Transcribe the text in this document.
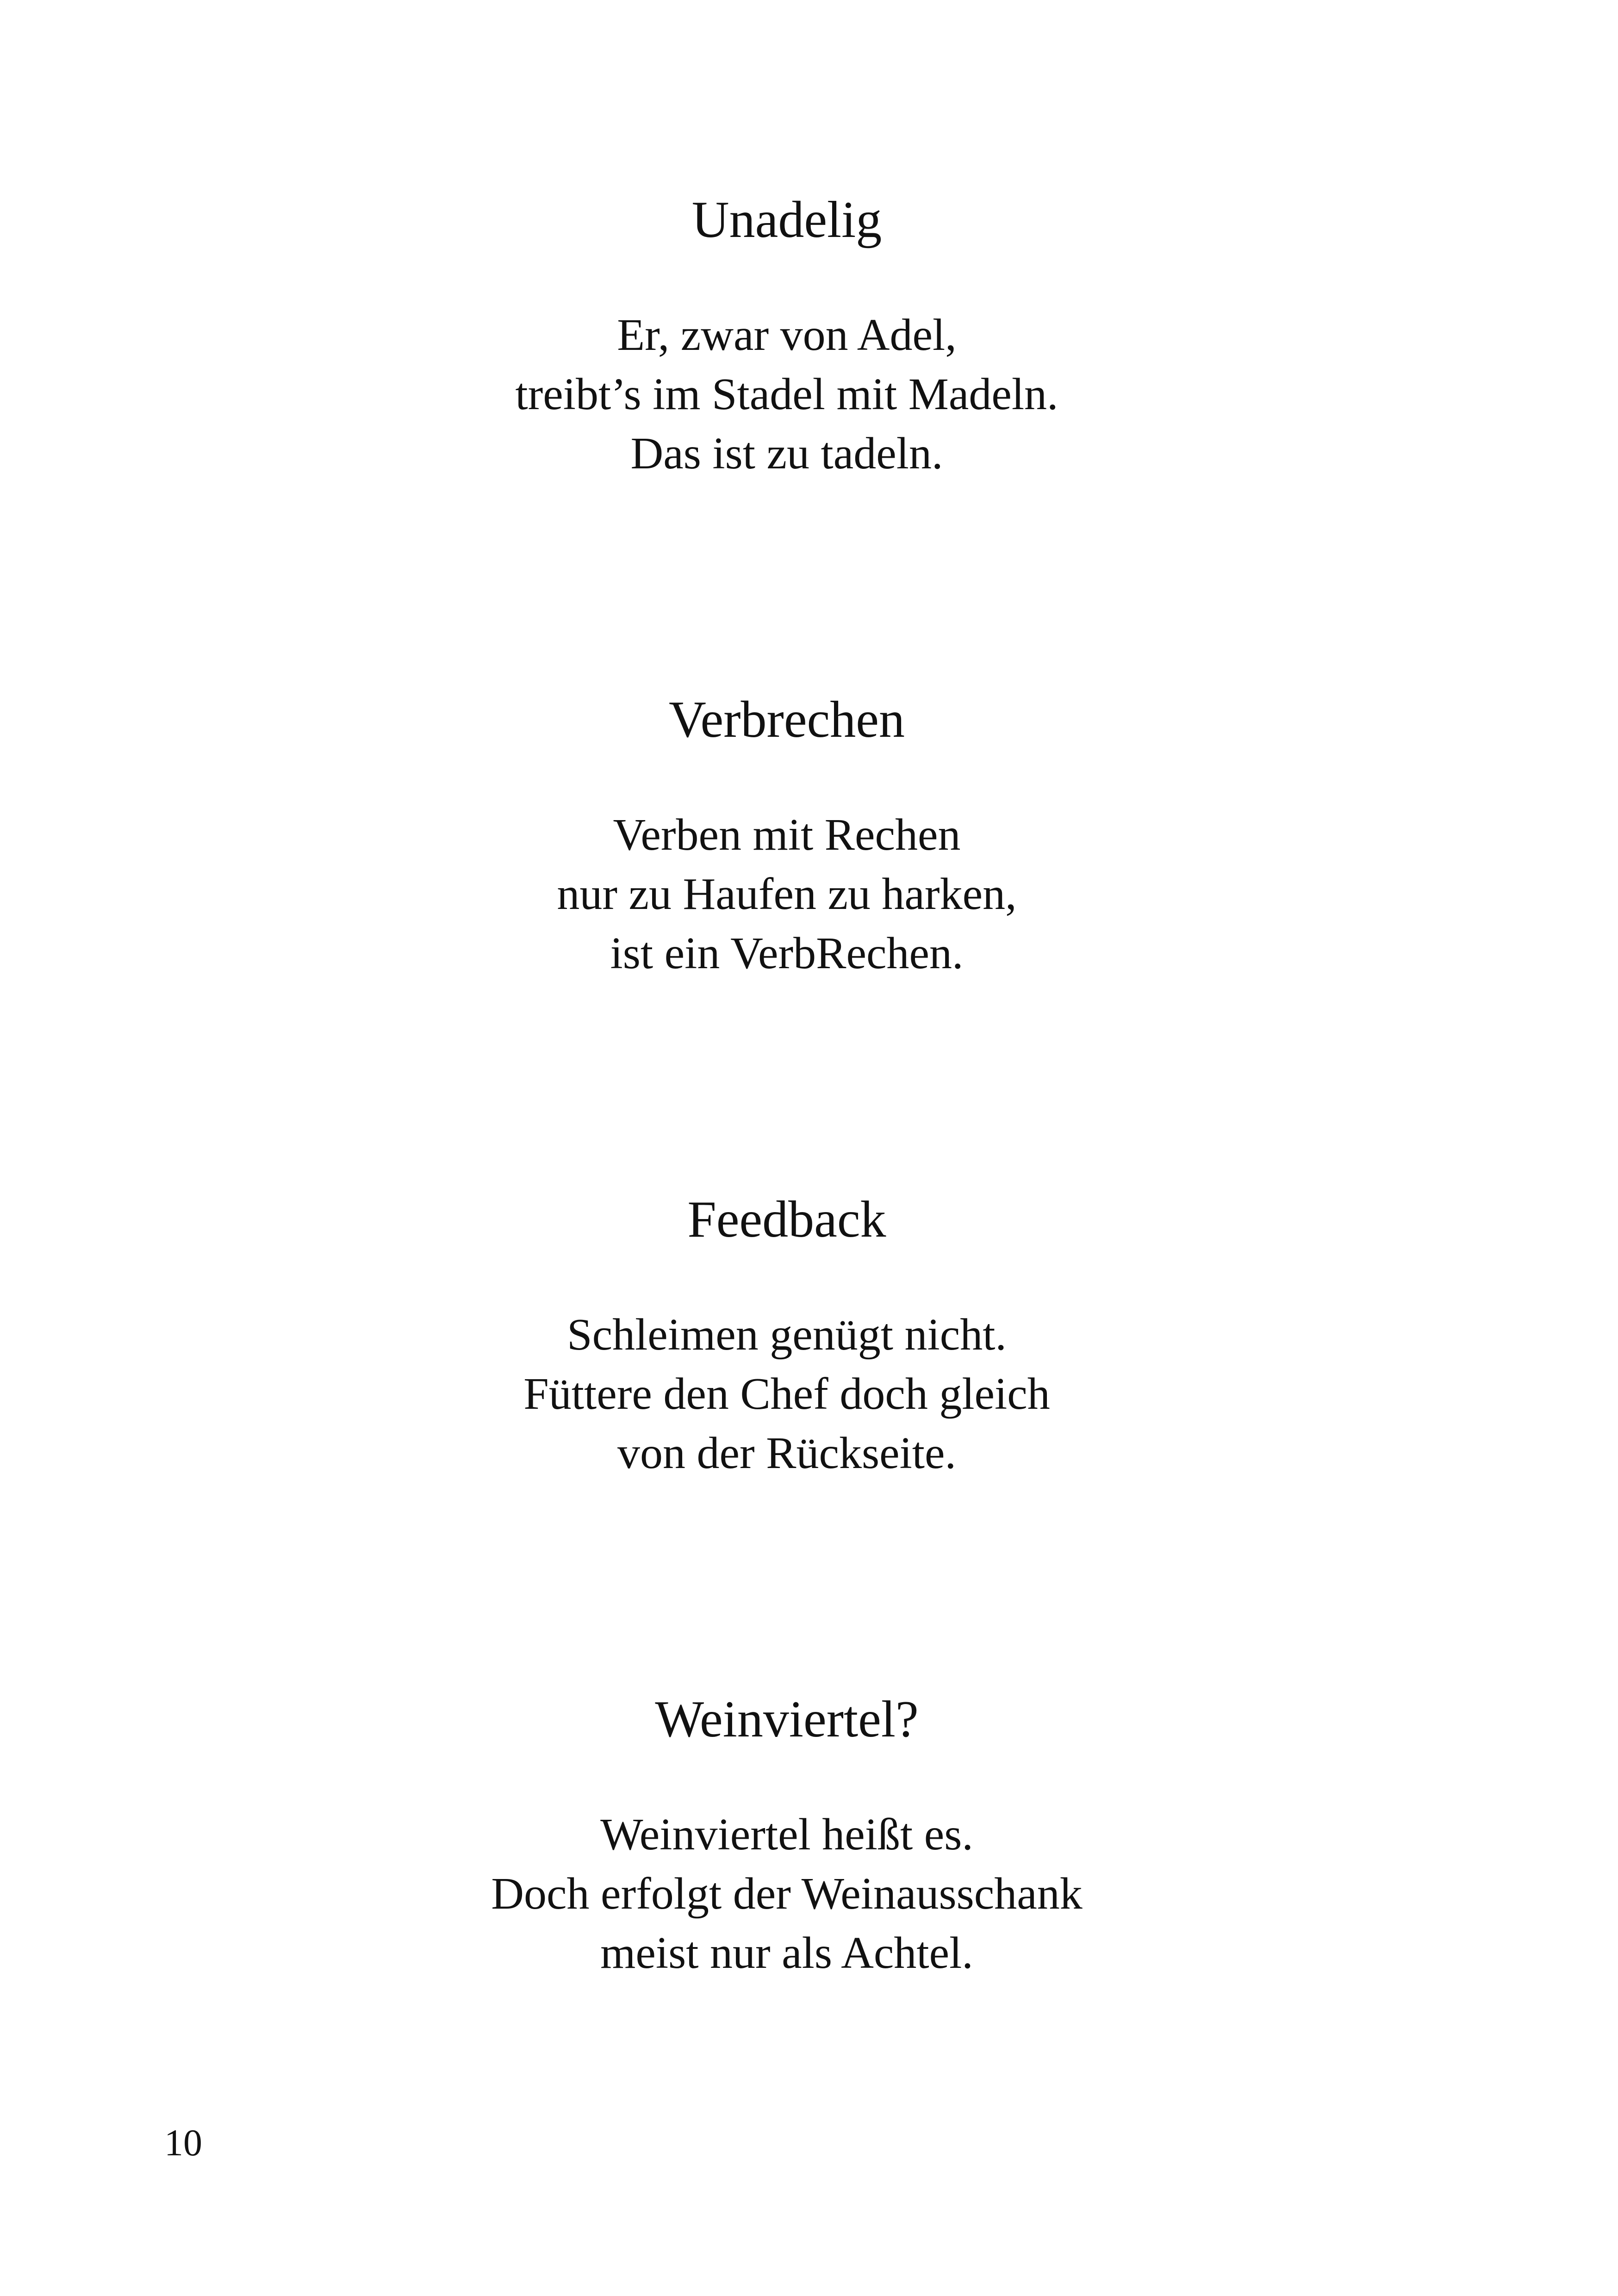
Unadelig
Er, zwar von Adel,
treibt’s im Stadel mit Madeln.
Das ist zu tadeln.
Verbrechen
Verben mit Rechen
nur zu Haufen zu harken,
ist ein VerbRechen.
Feedback
Schleimen genügt nicht.
Füttere den Chef doch gleich
von der Rückseite.
Weinviertel?
Weinviertel heißt es.
Doch erfolgt der Weinausschank
meist nur als Achtel.
10
